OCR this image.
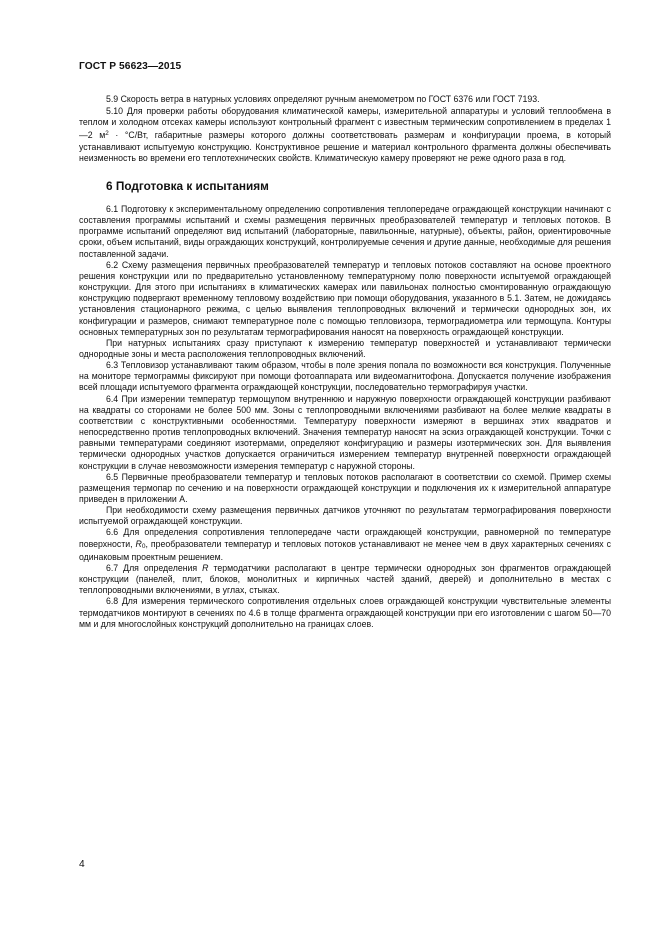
ГОСТ Р 56623—2015

5.9 Скорость ветра в натурных условиях определяют ручным анемометром по ГОСТ 6376 или ГОСТ 7193.

5.10 Для проверки работы оборудования климатической камеры, измерительной аппаратуры и условий теплообмена в теплом и холодном отсеках камеры используют контрольный фрагмент с известным термическим сопротивлением в пределах 1—2 $м^2 \cdot ^\circ С/Вт$, габаритные размеры которого должны соответствовать размерам и конфигурации проема, в который устанавливают испытуемую конструкцию. Конструктивное решение и материал контрольного фрагмента должны обеспечивать неизменность во времени его теплотехнических свойств. Климатическую камеру проверяют не реже одного раза в год.

6 Подготовка к испытаниям

6.1 Подготовку к экспериментальному определению сопротивления теплопередаче ограждающей конструкции начинают с составления программы испытаний и схемы размещения первичных преобразователей температур и тепловых потоков. В программе испытаний определяют вид испытаний (лабораторные, павильонные, натурные), объекты, район, ориентировочные сроки, объем испытаний, виды ограждающих конструкций, контролируемые сечения и другие данные, необходимые для решения поставленной задачи.

6.2 Схему размещения первичных преобразователей температур и тепловых потоков составляют на основе проектного решения конструкции или по предварительно установленному температурному полю поверхности испытуемой ограждающей конструкции. Для этого при испытаниях в климатических камерах или павильонах полностью смонтированную ограждающую конструкцию подвергают временному тепловому воздействию при помощи оборудования, указанного в 5.1. Затем, не дожидаясь установления стационарного режима, с целью выявления теплопроводных включений и термически однородных зон, их конфигурации и размеров, снимают температурное поле с помощью тепловизора, термоградиометра или термощупа. Контуры основных температурных зон по результатам термографирования наносят на поверхность ограждающей конструкции.

При натурных испытаниях сразу приступают к измерению температур поверхностей и устанавливают термически однородные зоны и места расположения теплопроводных включений.

6.3 Тепловизор устанавливают таким образом, чтобы в поле зрения попала по возможности вся конструкция. Полученные на мониторе термограммы фиксируют при помощи фотоаппарата или видеомагнитофона. Допускается получение изображения всей площади испытуемого фрагмента ограждающей конструкции, последовательно термографируя участки.

6.4 При измерении температур термощупом внутреннюю и наружную поверхности ограждающей конструкции разбивают на квадраты со сторонами не более 500 мм. Зоны с теплопроводными включениями разбивают на более мелкие квадраты в соответствии с конструктивными особенностями. Температуру поверхности измеряют в вершинах этих квадратов и непосредственно против теплопроводных включений. Значения температур наносят на эскиз ограждающей конструкции. Точки с равными температурами соединяют изотермами, определяют конфигурацию и размеры изотермических зон. Для выявления термически однородных участков допускается ограничиться измерением температур внутренней поверхности ограждающей конструкции в случае невозможности измерения температур с наружной стороны.

6.5 Первичные преобразователи температур и тепловых потоков располагают в соответствии со схемой. Пример схемы размещения термопар по сечению и на поверхности ограждающей конструкции и подключения их к измерительной аппаратуре приведен в приложении А.

При необходимости схему размещения первичных датчиков уточняют по результатам термографирования поверхности испытуемой ограждающей конструкции.

6.6 Для определения сопротивления теплопередаче части ограждающей конструкции, равномерной по температуре поверхности, R0, преобразователи температур и тепловых потоков устанавливают не менее чем в двух характерных сечениях с одинаковым проектным решением.

6.7 Для определения R термодатчики располагают в центре термически однородных зон фрагментов ограждающей конструкции (панелей, плит, блоков, монолитных и кирпичных частей зданий, дверей) и дополнительно в местах с теплопроводными включениями, в углах, стыках.

6.8 Для измерения термического сопротивления отдельных слоев ограждающей конструкции чувствительные элементы термодатчиков монтируют в сечениях по 4.6 в толще фрагмента ограждающей конструкции при его изготовлении с шагом 50—70 мм и для многослойных конструкций дополнительно на границах слоев.

4
